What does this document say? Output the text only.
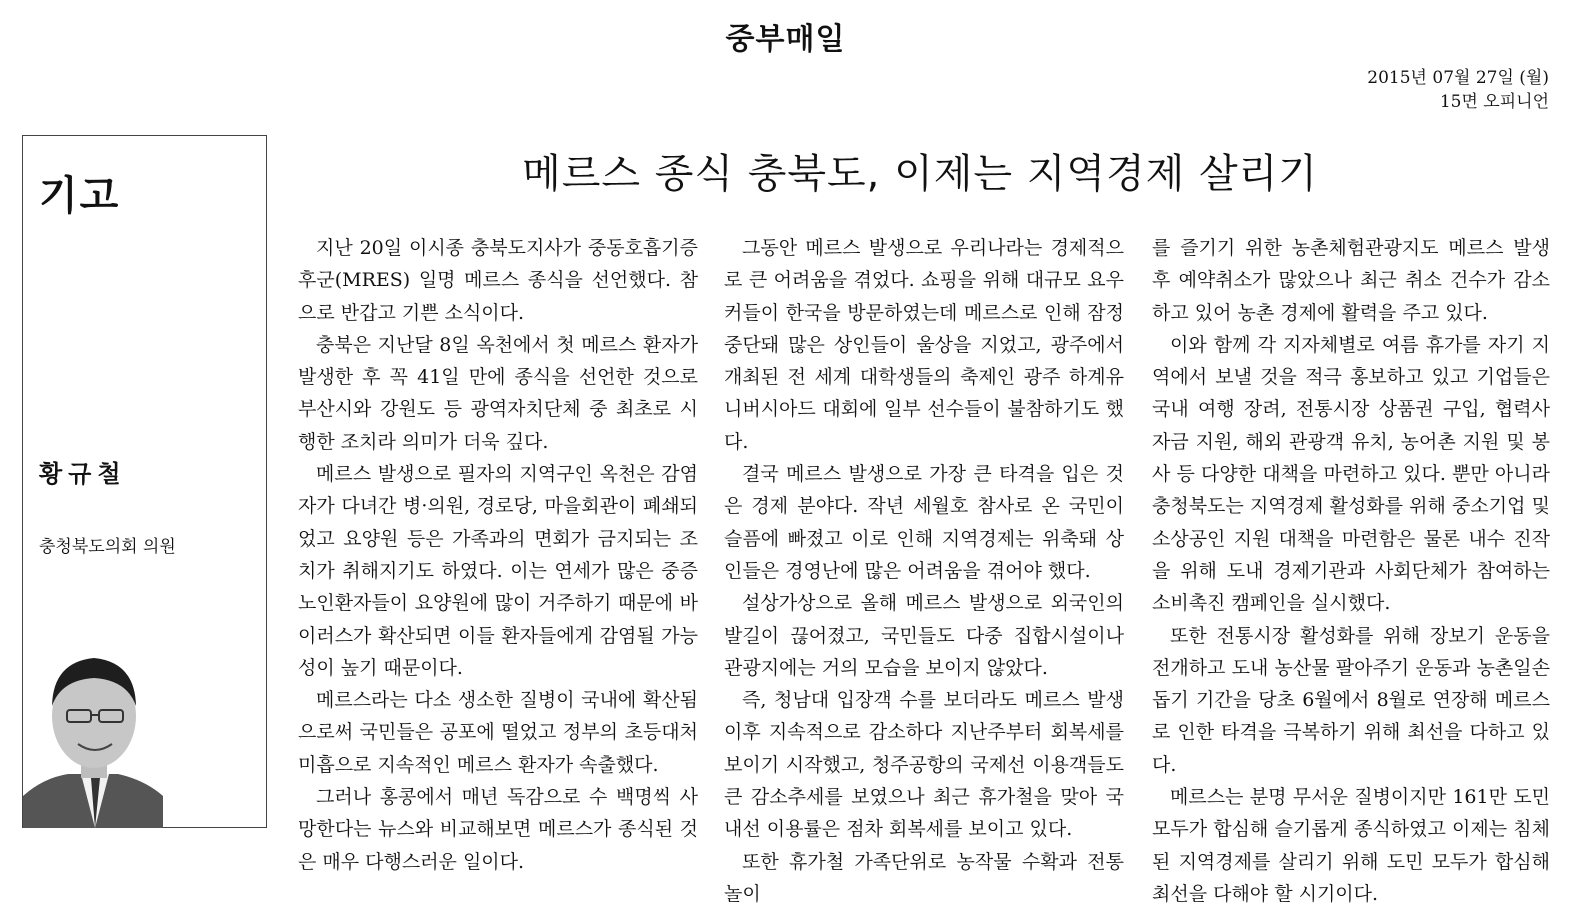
중부매일
2015년 07월 27일 (월)
15면 오피니언
기고
황규철
충청북도의회 의원
메르스 종식 충북도, 이제는 지역경제 살리기

지난 20일 이시종 충북도지사가 중동호흡기증후군(MRES) 일명 메르스 종식을 선언했다. 참으로 반갑고 기쁜 소식이다.

충북은 지난달 8일 옥천에서 첫 메르스 환자가 발생한 후 꼭 41일 만에 종식을 선언한 것으로 부산시와 강원도 등 광역자치단체 중 최초로 시행한 조치라 의미가 더욱 깊다.

메르스 발생으로 필자의 지역구인 옥천은 감염자가 다녀간 병·의원, 경로당, 마을회관이 폐쇄되었고 요양원 등은 가족과의 면회가 금지되는 조치가 취해지기도 하였다. 이는 연세가 많은 중증 노인환자들이 요양원에 많이 거주하기 때문에 바이러스가 확산되면 이들 환자들에게 감염될 가능성이 높기 때문이다.

메르스라는 다소 생소한 질병이 국내에 확산됨으로써 국민들은 공포에 떨었고 정부의 초등대처 미흡으로 지속적인 메르스 환자가 속출했다.

그러나 홍콩에서 매년 독감으로 수 백명씩 사망한다는 뉴스와 비교해보면 메르스가 종식된 것은 매우 다행스러운 일이다.

그동안 메르스 발생으로 우리나라는 경제적으로 큰 어려움을 겪었다. 쇼핑을 위해 대규모 요우커들이 한국을 방문하였는데 메르스로 인해 잠정 중단돼 많은 상인들이 울상을 지었고, 광주에서 개최된 전 세계 대학생들의 축제인 광주 하계유니버시아드 대회에 일부 선수들이 불참하기도 했다.

결국 메르스 발생으로 가장 큰 타격을 입은 것은 경제 분야다. 작년 세월호 참사로 온 국민이 슬픔에 빠졌고 이로 인해 지역경제는 위축돼 상인들은 경영난에 많은 어려움을 겪어야 했다.

설상가상으로 올해 메르스 발생으로 외국인의 발길이 끊어졌고, 국민들도 다중 집합시설이나 관광지에는 거의 모습을 보이지 않았다.

즉, 청남대 입장객 수를 보더라도 메르스 발생 이후 지속적으로 감소하다 지난주부터 회복세를 보이기 시작했고, 청주공항의 국제선 이용객들도 큰 감소추세를 보였으나 최근 휴가철을 맞아 국내선 이용률은 점차 회복세를 보이고 있다.

또한 휴가철 가족단위로 농작물 수확과 전통 놀이

를 즐기기 위한 농촌체험관광지도 메르스 발생 후 예약취소가 많았으나 최근 취소 건수가 감소하고 있어 농촌 경제에 활력을 주고 있다.

이와 함께 각 지자체별로 여름 휴가를 자기 지역에서 보낼 것을 적극 홍보하고 있고 기업들은 국내 여행 장려, 전통시장 상품권 구입, 협력사 자금 지원, 해외 관광객 유치, 농어촌 지원 및 봉사 등 다양한 대책을 마련하고 있다. 뿐만 아니라 충청북도는 지역경제 활성화를 위해 중소기업 및 소상공인 지원 대책을 마련함은 물론 내수 진작을 위해 도내 경제기관과 사회단체가 참여하는 소비촉진 캠페인을 실시했다.

또한 전통시장 활성화를 위해 장보기 운동을 전개하고 도내 농산물 팔아주기 운동과 농촌일손돕기 기간을 당초 6월에서 8월로 연장해 메르스로 인한 타격을 극복하기 위해 최선을 다하고 있다.

메르스는 분명 무서운 질병이지만 161만 도민 모두가 합심해 슬기롭게 종식하였고 이제는 침체된 지역경제를 살리기 위해 도민 모두가 합심해 최선을 다해야 할 시기이다.
